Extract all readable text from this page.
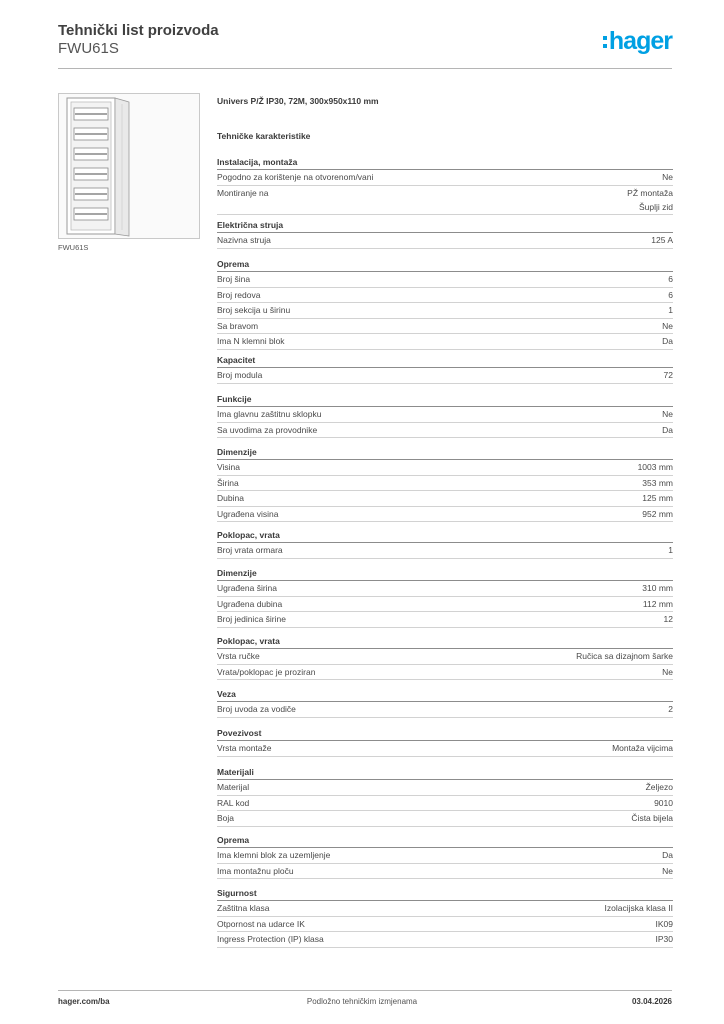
Tehnički list proizvoda
FWU61S	hager
FWU61S
Univers P/Ž IP30, 72M, 300x950x110 mm
Tehničke karakteristike
Instalacija, montaža
Pogodno za korištenje na otvorenom/vani	Ne
Montiranje na	PŽ montaža
Šuplji zid
Električna struja
Nazivna struja	125 A
Oprema
Broj šina	6
Broj redova	6
Broj sekcija u širinu	1
Sa bravom	Ne
Ima N klemni blok	Da
Kapacitet
Broj modula	72
Funkcije
Ima glavnu zaštitnu sklopku	Ne
Sa uvodima za provodnike	Da
Dimenzije
Visina	1003 mm
Širina	353 mm
Dubina	125 mm
Ugrađena visina	952 mm
Poklopac, vrata
Broj vrata ormara	1
Dimenzije
Ugrađena širina	310 mm
Ugrađena dubina	112 mm
Broj jedinica širine	12
Poklopac, vrata
Vrsta ručke	Ručica sa dizajnom šarke
Vrata/poklopac je proziran	Ne
Veza
Broj uvoda za vodiče	2
Povezivost
Vrsta montaže	Montaža vijcima
Materijali
Materijal	Željezo
RAL kod	9010
Boja	Čista bijela
Oprema
Ima klemni blok za uzemljenje	Da
Ima montažnu ploču	Ne
Sigurnost
Zaštitna klasa	Izolacijska klasa II
Otpornost na udarce IK	IK09
Ingress Protection (IP) klasa	IP30
hager.com/ba	Podložno tehničkim izmjenama	03.04.2026
